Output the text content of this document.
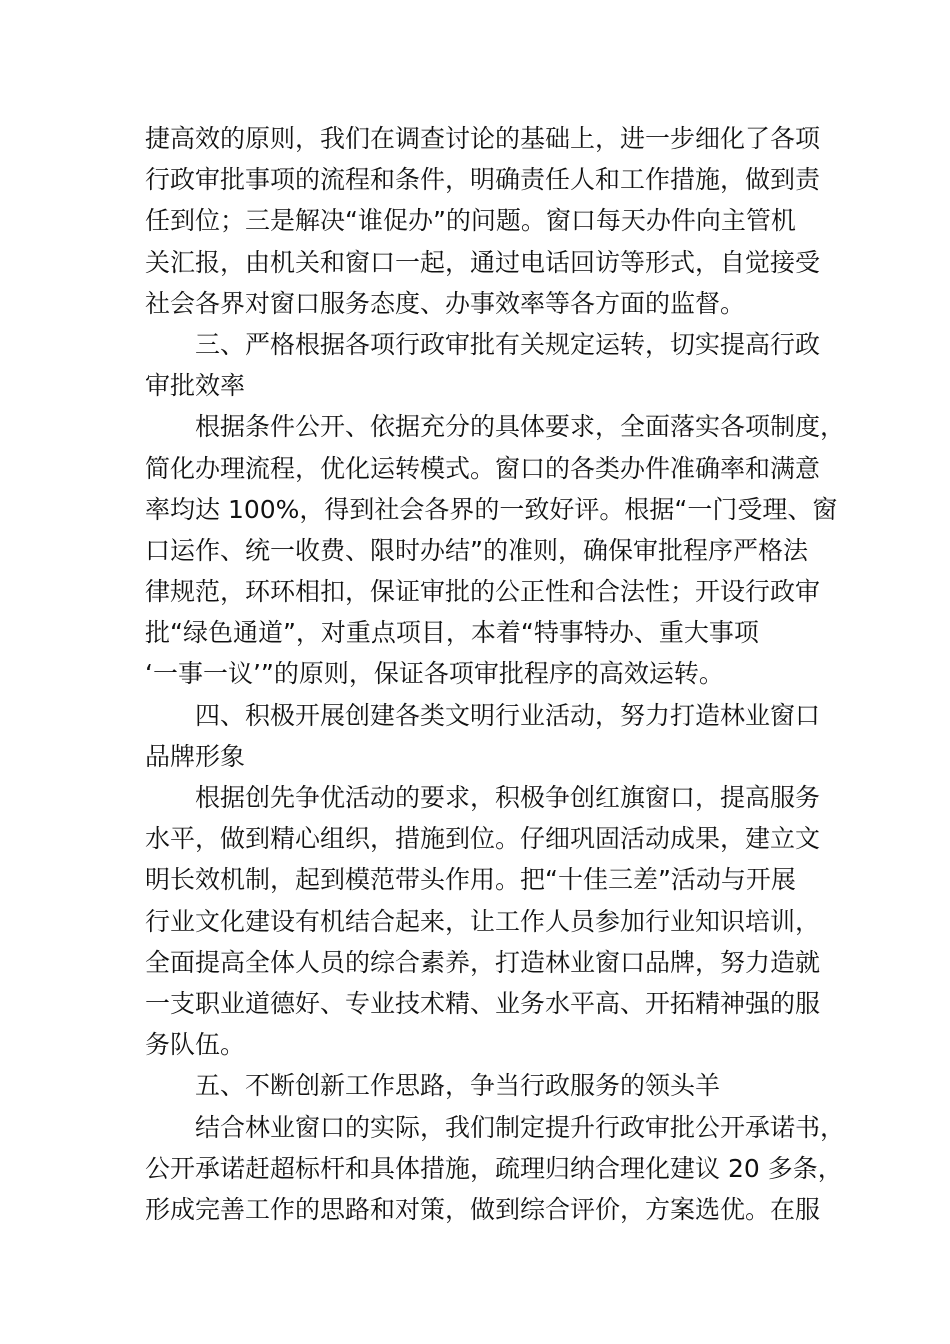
捷高效的原则，我们在调查讨论的基础上，进一步细化了各项
行政审批事项的流程和条件，明确责任人和工作措施，做到责
任到位；三是解决“谁促办”的问题。窗口每天办件向主管机
关汇报，由机关和窗口一起，通过电话回访等形式，自觉接受
社会各界对窗口服务态度、办事效率等各方面的监督。
三、严格根据各项行政审批有关规定运转，切实提高行政
审批效率
根据条件公开、依据充分的具体要求，全面落实各项制度，
简化办理流程，优化运转模式。窗口的各类办件准确率和满意
率均达 100%，得到社会各界的一致好评。根据“一门受理、窗
口运作、统一收费、限时办结”的准则，确保审批程序严格法
律规范，环环相扣，保证审批的公正性和合法性；开设行政审
批“绿色通道”，对重点项目，本着“特事特办、重大事项
‘一事一议’”的原则，保证各项审批程序的高效运转。
四、积极开展创建各类文明行业活动，努力打造林业窗口
品牌形象
根据创先争优活动的要求，积极争创红旗窗口，提高服务
水平，做到精心组织，措施到位。仔细巩固活动成果，建立文
明长效机制，起到模范带头作用。把“十佳三差”活动与开展
行业文化建设有机结合起来，让工作人员参加行业知识培训，
全面提高全体人员的综合素养，打造林业窗口品牌，努力造就
一支职业道德好、专业技术精、业务水平高、开拓精神强的服
务队伍。
五、不断创新工作思路，争当行政服务的领头羊
结合林业窗口的实际，我们制定提升行政审批公开承诺书，
公开承诺赶超标杆和具体措施，疏理归纳合理化建议 20 多条，
形成完善工作的思路和对策，做到综合评价，方案选优。在服
